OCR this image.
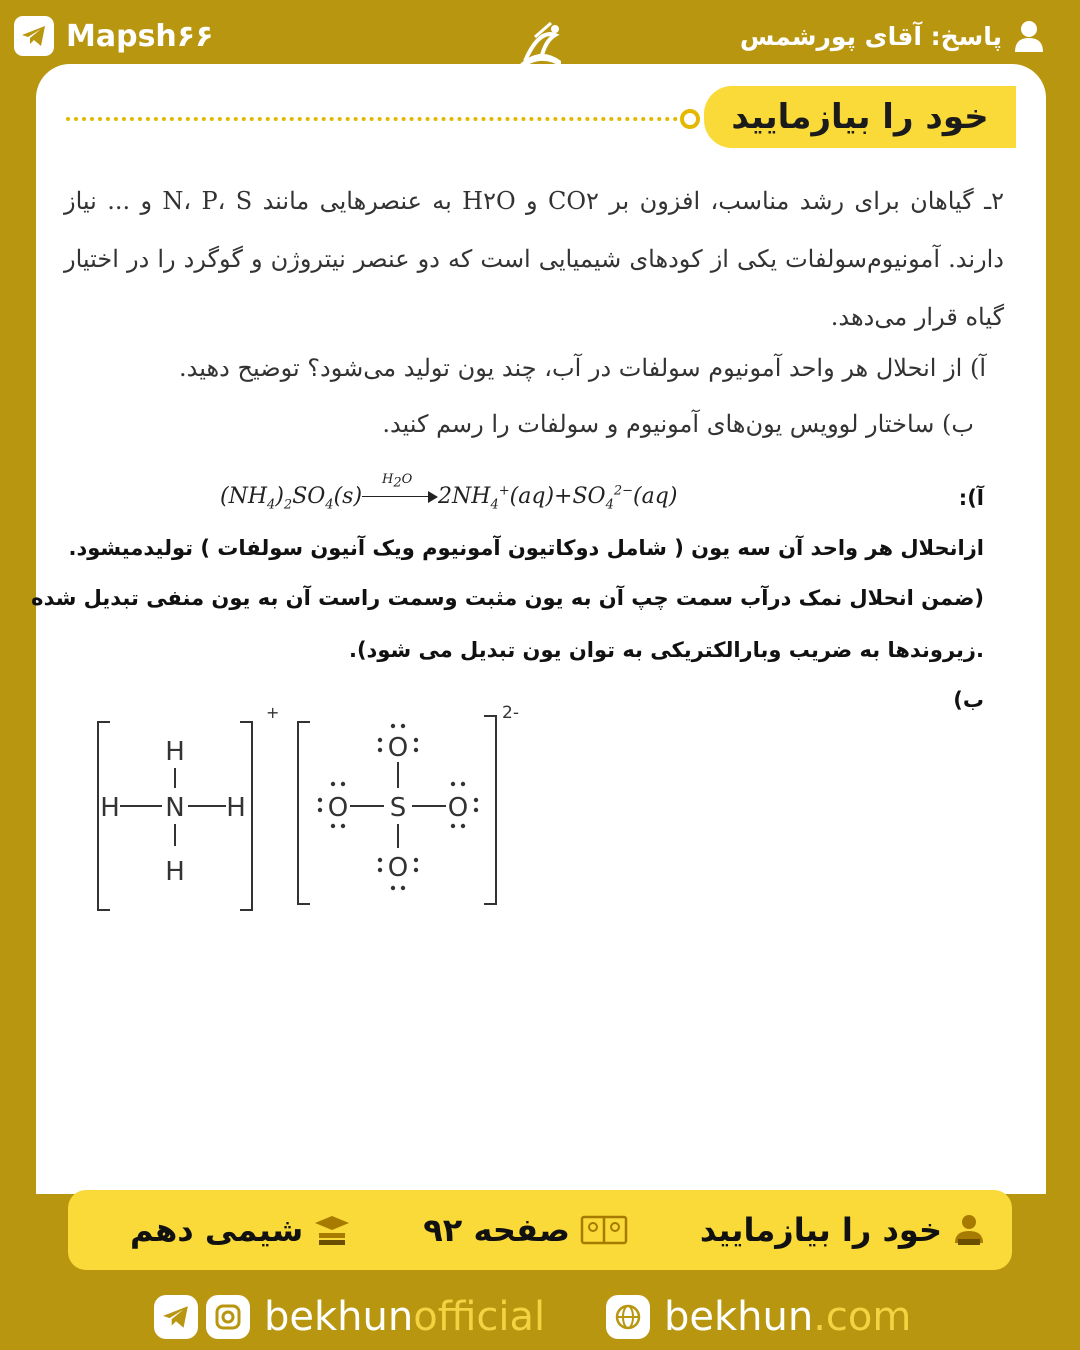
Mapsh۶۶	پاسخ: آقای پورشمس
خود را بیازمایید
۲ـ گیاهان برای رشد مناسب، افزون بر CO۲ و H۲O به عنصرهایی مانند N، P، S و ... نیاز دارند. آمونیوم‌سولفات یکی از کودهای شیمیایی است که دو عنصر نیتروژن و گوگرد را در اختیار گیاه قرار می‌دهد.
آ) از انحلال هر واحد آمونیوم سولفات در آب، چند یون تولید می‌شود؟ توضیح دهید.
ب) ساختار لوویس یون‌های آمونیوم و سولفات را رسم کنید.
آ):
$(NH_4)_2SO_4(s)$
$H_2O$
$2NH_4^+(aq)+SO_4^{2-}(aq)$
ازانحلال هر واحد آن سه یون ( شامل دوکاتیون آمونیوم ویک آنیون سولفات ) تولیدمیشود.
(ضمن انحلال نمک درآب سمت چپ آن به یون مثبت وسمت راست آن به یون منفی تبدیل شده
.زیروندها به ضریب وبارالکتریکی به توان یون تبدیل می شود).
ب)
+
H
H N H
H
2-
O
O S O
O
خود را بیازمایید
صفحه ۹۲
شیمی دهم
bekhunofficial	bekhun.com
